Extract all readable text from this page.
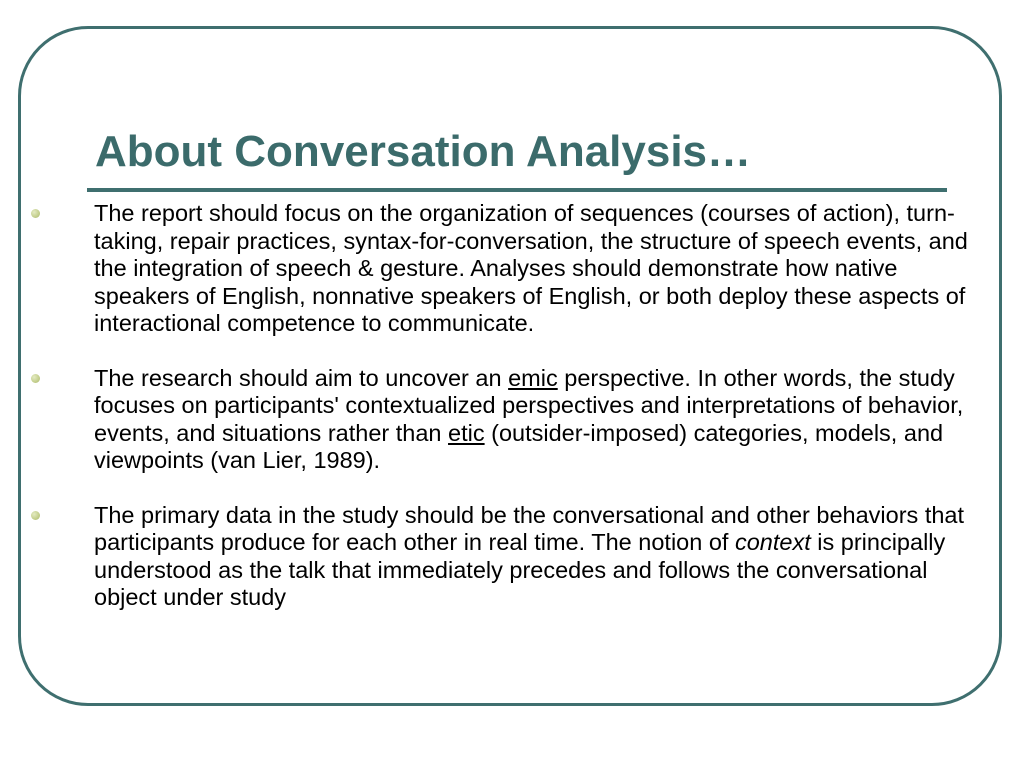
About Conversation Analysis…
The report should focus on the organization of sequences (courses of action), turn-taking, repair practices, syntax-for-conversation, the structure of speech events, and the integration of speech & gesture. Analyses should demonstrate how native speakers of English, nonnative speakers of English, or both deploy these aspects of interactional competence to communicate.
The research should aim to uncover an emic perspective. In other words, the study focuses on participants' contextualized perspectives and interpretations of behavior, events, and situations rather than etic (outsider-imposed) categories, models, and viewpoints (van Lier, 1989).
The primary data in the study should be the conversational and other behaviors that participants produce for each other in real time. The notion of context is principally understood as the talk that immediately precedes and follows the conversational object under study
